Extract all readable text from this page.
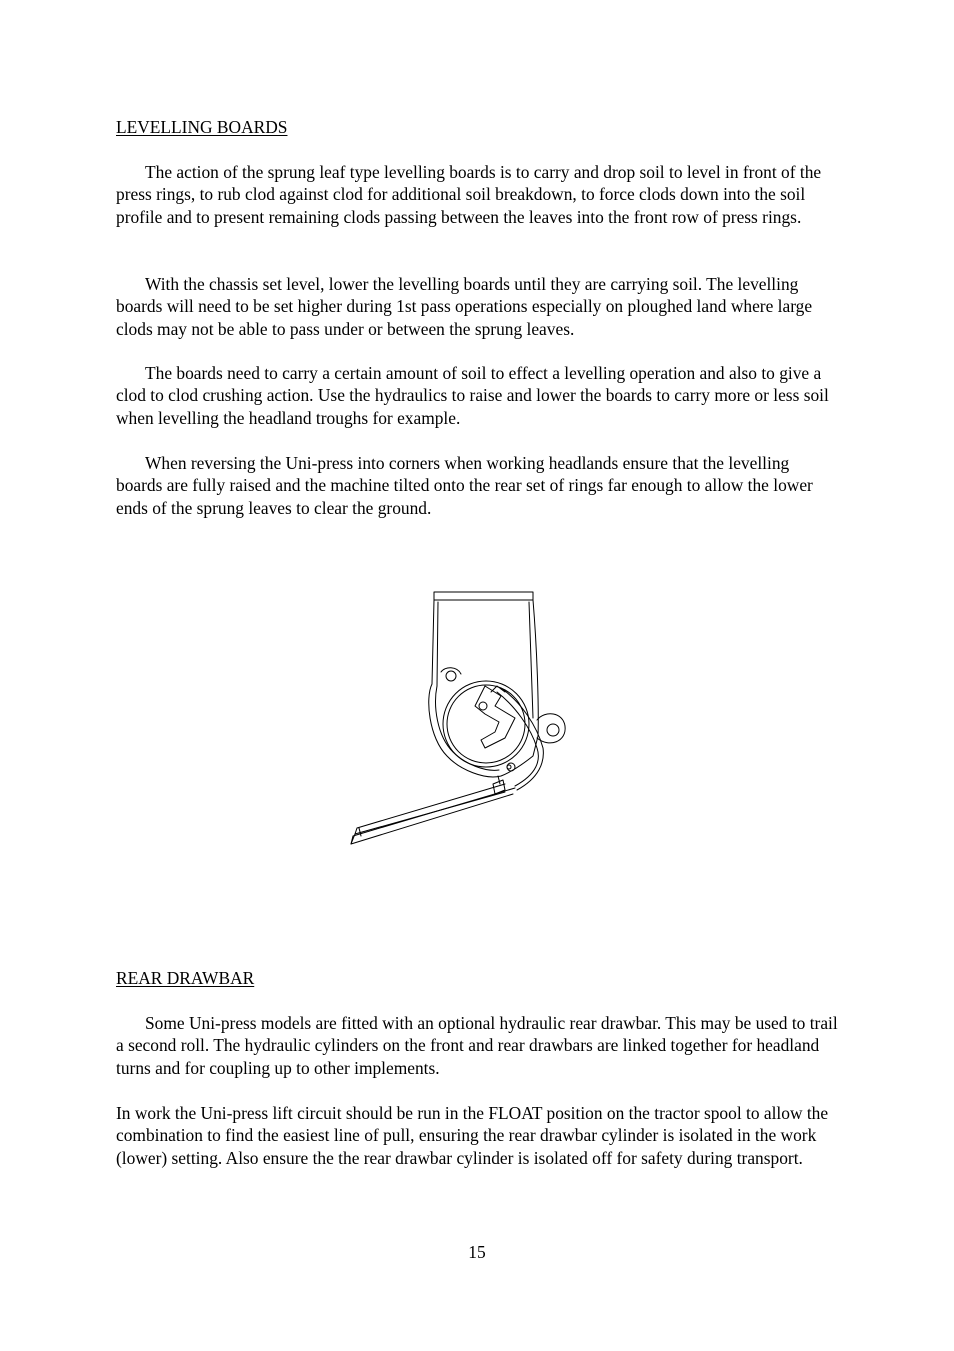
LEVELLING BOARDS

The action of the sprung leaf type levelling boards is to carry and drop soil to level in front of the press rings, to rub clod against clod for additional soil breakdown, to force clods down into the soil profile and to present remaining clods passing between the leaves into the front row of press rings.

With the chassis set level, lower the levelling boards until they are carrying soil. The levelling boards will need to be set higher during 1st pass operations especially on ploughed land where large clods may not be able to pass under or between the sprung leaves.

The boards need to carry a certain amount of soil to effect a levelling operation and also to give a clod to clod crushing action. Use the hydraulics to raise and lower the boards to carry more or less soil when levelling the headland troughs for example.

When reversing the Uni-press into corners when working headlands ensure that the levelling boards are fully raised and the machine tilted onto the rear set of rings far enough to allow the lower ends of the sprung leaves to clear the ground.

REAR DRAWBAR

Some Uni-press models are fitted with an optional hydraulic rear drawbar. This may be used to trail a second roll. The hydraulic cylinders on the front and rear drawbars are linked together for headland turns and for coupling up to other implements.

In work the Uni-press lift circuit should be run in the FLOAT position on the tractor spool to allow the combination to find the easiest line of pull, ensuring the rear drawbar cylinder is isolated in the work (lower) setting. Also ensure the the rear drawbar cylinder is isolated off for safety during transport.

15
